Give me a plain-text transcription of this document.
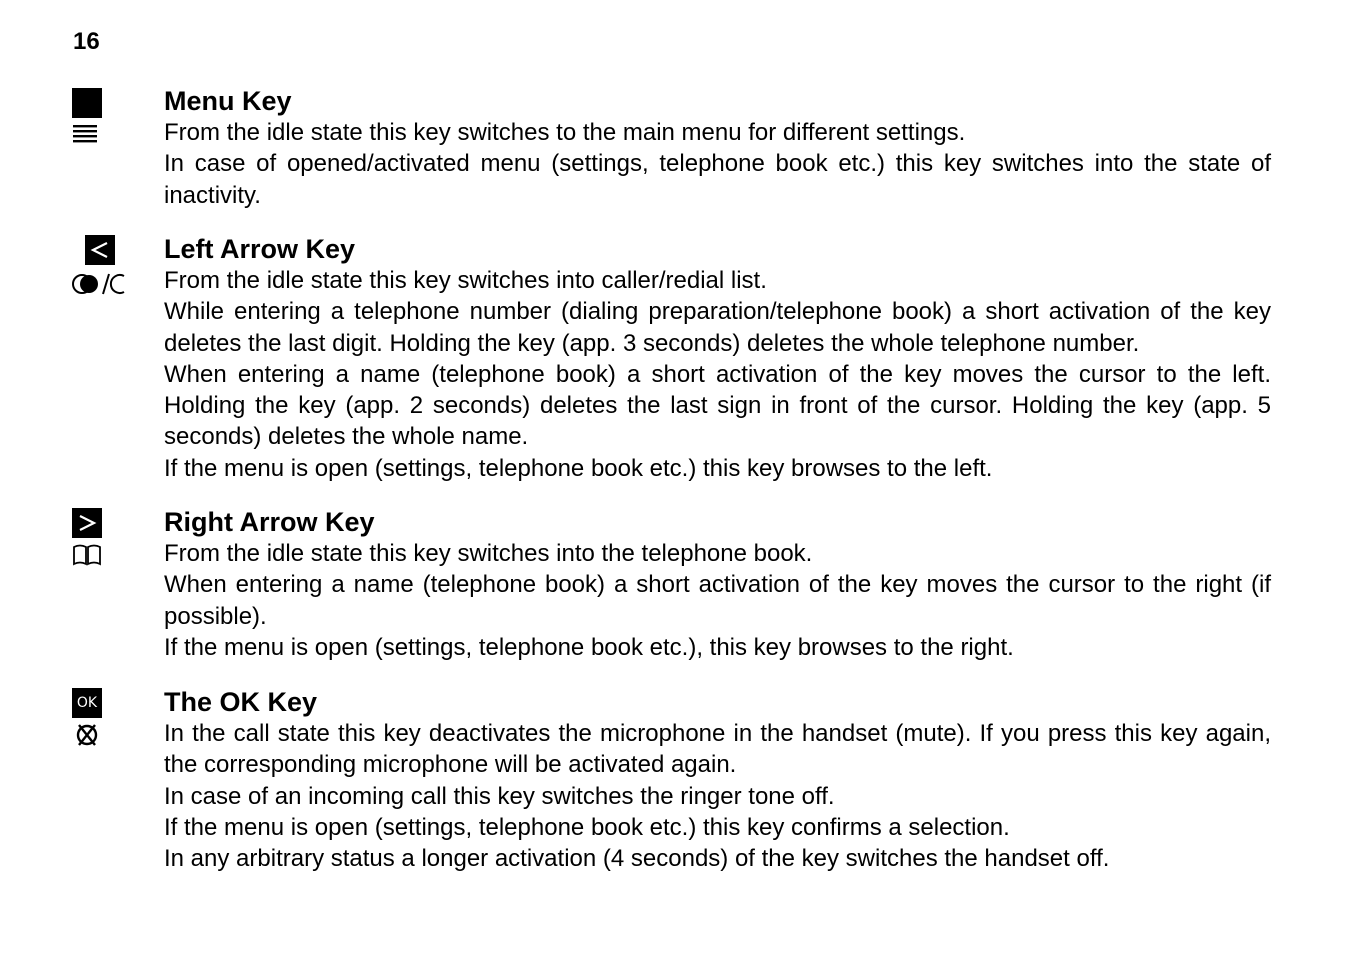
16
Menu Key

From the idle state this key switches to the main menu for different settings.

In case of opened/activated menu (settings, telephone book etc.) this key switches into the state of inactivity.

Left Arrow Key

From the idle state this key switches into caller/redial list.

While entering a telephone number (dialing preparation/telephone book) a short activation of the key deletes the last digit. Holding the key (app. 3 seconds) deletes the whole telephone number.

When entering a name (telephone book) a short activation of the key moves the cursor to the left. Holding the key (app. 2 seconds) deletes the last sign in front of the cursor. Holding the key (app. 5 seconds) deletes the whole name.

If the menu is open (settings, telephone book etc.) this key browses to the left.

Right Arrow Key

From the idle state this key switches into the telephone book.

When entering a name (telephone book) a short activation of the key moves the cursor to the right (if possible).

If the menu is open (settings, telephone book etc.), this key browses to the right.

OK The OK Key

In the call state this key deactivates the microphone in the handset (mute). If you press this key again, the corresponding microphone will be activated again.

In case of an incoming call this key switches the ringer tone off.

If the menu is open (settings, telephone book etc.) this key confirms a selection.

In any arbitrary status a longer activation (4 seconds) of the key switches the handset off.
